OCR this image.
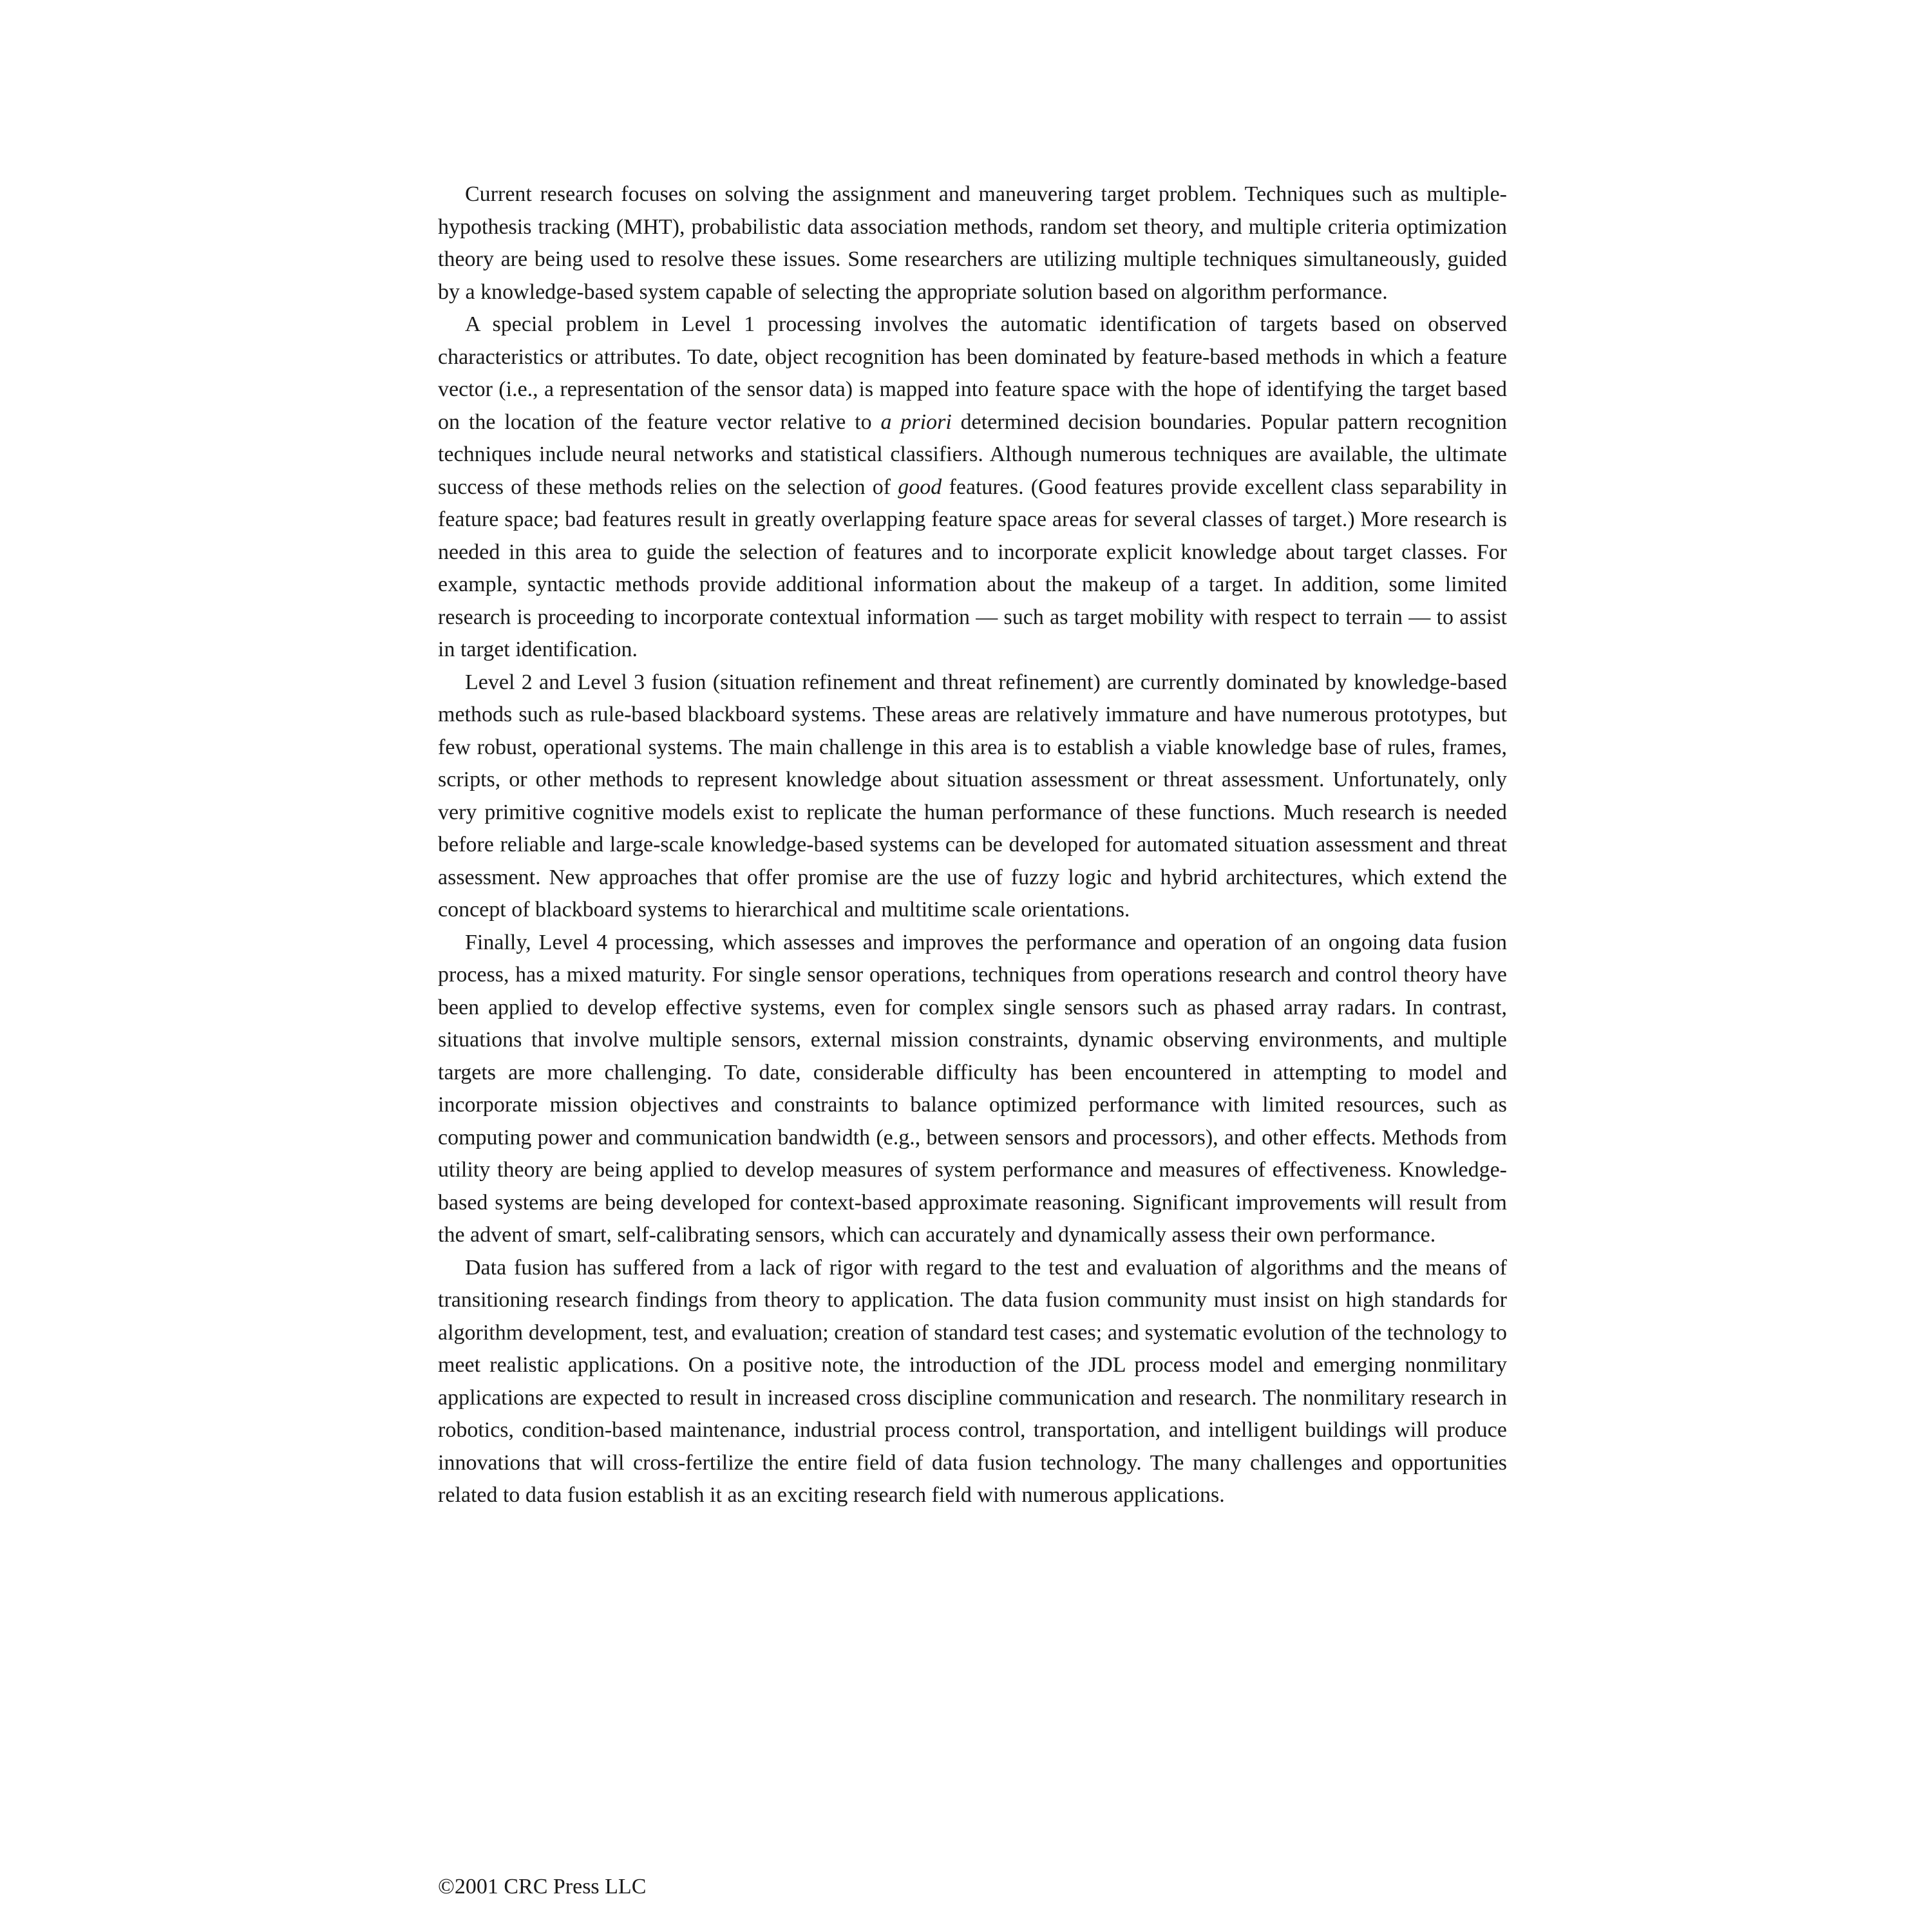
Current research focuses on solving the assignment and maneuvering target problem. Techniques such as multiple-hypothesis tracking (MHT), probabilistic data association methods, random set theory, and multiple criteria optimization theory are being used to resolve these issues. Some researchers are utilizing multiple techniques simultaneously, guided by a knowledge-based system capable of selecting the appropriate solution based on algorithm performance.

A special problem in Level 1 processing involves the automatic identification of targets based on observed characteristics or attributes. To date, object recognition has been dominated by feature-based methods in which a feature vector (i.e., a representation of the sensor data) is mapped into feature space with the hope of identifying the target based on the location of the feature vector relative to a priori determined decision boundaries. Popular pattern recognition techniques include neural networks and statistical classifiers. Although numerous techniques are available, the ultimate success of these methods relies on the selection of good features. (Good features provide excellent class separability in feature space; bad features result in greatly overlapping feature space areas for several classes of target.) More research is needed in this area to guide the selection of features and to incorporate explicit knowledge about target classes. For example, syntactic methods provide additional information about the makeup of a target. In addition, some limited research is proceeding to incorporate contextual information — such as target mobility with respect to terrain — to assist in target identification.

Level 2 and Level 3 fusion (situation refinement and threat refinement) are currently dominated by knowledge-based methods such as rule-based blackboard systems. These areas are relatively immature and have numerous prototypes, but few robust, operational systems. The main challenge in this area is to establish a viable knowledge base of rules, frames, scripts, or other methods to represent knowledge about situation assessment or threat assessment. Unfortunately, only very primitive cognitive models exist to replicate the human performance of these functions. Much research is needed before reliable and large-scale knowledge-based systems can be developed for automated situation assessment and threat assessment. New approaches that offer promise are the use of fuzzy logic and hybrid architectures, which extend the concept of blackboard systems to hierarchical and multitime scale orientations.

Finally, Level 4 processing, which assesses and improves the performance and operation of an ongoing data fusion process, has a mixed maturity. For single sensor operations, techniques from operations research and control theory have been applied to develop effective systems, even for complex single sensors such as phased array radars. In contrast, situations that involve multiple sensors, external mission constraints, dynamic observing environments, and multiple targets are more challenging. To date, considerable difficulty has been encountered in attempting to model and incorporate mission objectives and constraints to balance optimized performance with limited resources, such as computing power and communication bandwidth (e.g., between sensors and processors), and other effects. Methods from utility theory are being applied to develop measures of system performance and measures of effectiveness. Knowledge-based systems are being developed for context-based approximate reasoning. Significant improvements will result from the advent of smart, self-calibrating sensors, which can accurately and dynamically assess their own performance.

Data fusion has suffered from a lack of rigor with regard to the test and evaluation of algorithms and the means of transitioning research findings from theory to application. The data fusion community must insist on high standards for algorithm development, test, and evaluation; creation of standard test cases; and systematic evolution of the technology to meet realistic applications. On a positive note, the introduction of the JDL process model and emerging nonmilitary applications are expected to result in increased cross discipline communication and research. The nonmilitary research in robotics, condition-based maintenance, industrial process control, transportation, and intelligent buildings will produce innovations that will cross-fertilize the entire field of data fusion technology. The many challenges and opportunities related to data fusion establish it as an exciting research field with numerous applications.

©2001 CRC Press LLC
